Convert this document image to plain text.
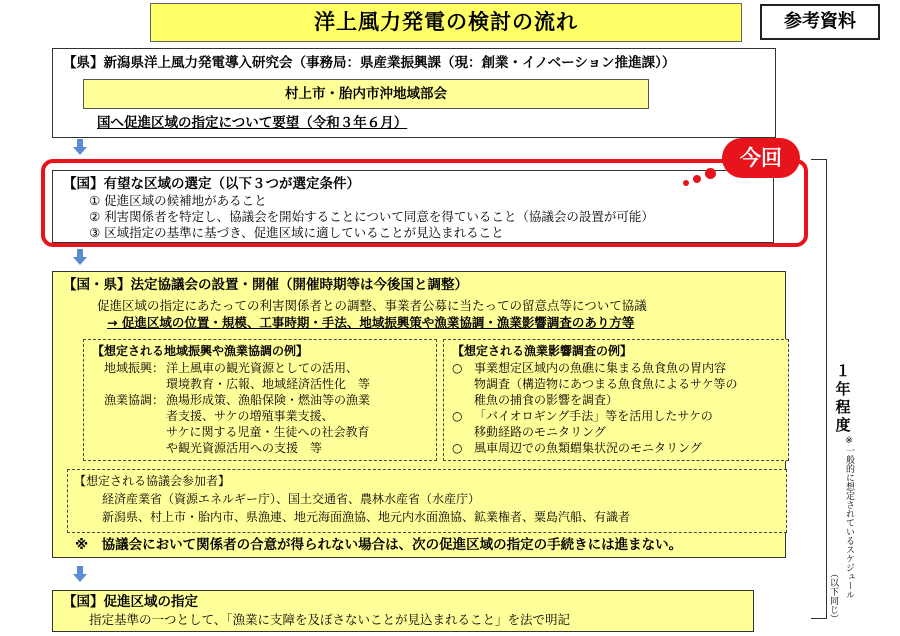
洋上風力発電の検討の流れ	参考資料
【県】新潟県洋上風力発電導入研究会（事務局：県産業振興課（現：創業・イノベーション推進課））
村上市・胎内市沖地域部会
国へ促進区域の指定について要望（令和３年６月）
【国】有望な区域の選定（以下３つが選定条件）
① 促進区域の候補地があること
② 利害関係者を特定し、協議会を開始することについて同意を得ていること（協議会の設置が可能）
③ 区域指定の基準に基づき、促進区域に適していることが見込まれること
今回
【国・県】法定協議会の設置・開催（開催時期等は今後国と調整）
促進区域の指定にあたっての利害関係者との調整、事業者公募に当たっての留意点等について協議
→ 促進区域の位置・規模、工事時期・手法、地域振興策や漁業協調・漁業影響調査のあり方等
【想定される地域振興や漁業協調の例】
地域振興： 洋上風車の観光資源としての活用、
環境教育・広報、地域経済活性化　等
漁業協調： 漁場形成策、漁船保険・燃油等の漁業
者支援、サケの増殖事業支援、
サケに関する児童・生徒への社会教育
や観光資源活用への支援　等
【想定される漁業影響調査の例】
○ 事業想定区域内の魚礁に集まる魚食魚の胃内容
物調査（構造物にあつまる魚食魚によるサケ等の
稚魚の捕食の影響を調査）
○ 「バイオロギング手法」等を活用したサケの
移動経路のモニタリング
○ 風車周辺での魚類蝟集状況のモニタリング
【想定される協議会参加者】
経済産業省（資源エネルギー庁）、国土交通省、農林水産省（水産庁）
新潟県、村上市・胎内市、県漁連、地元海面漁協、地元内水面漁協、鉱業権者、粟島汽船、有識者
※　協議会において関係者の合意が得られない場合は、次の促進区域の指定の手続きには進まない。
【国】促進区域の指定
指定基準の一つとして、「漁業に支障を及ぼさないことが見込まれること」を法で明記
１年程度
※一般的に想定されているスケジュール
（以下同じ）
